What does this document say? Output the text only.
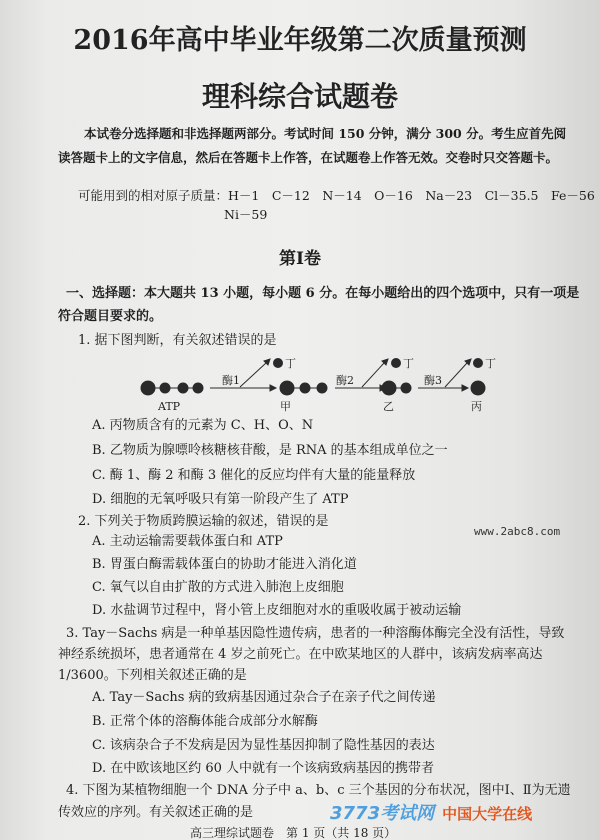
2016年高中毕业年级第二次质量预测
理科综合试题卷
本试卷分选择题和非选择题两部分。考试时间 150 分钟，满分 300 分。考生应首先阅
读答题卡上的文字信息，然后在答题卡上作答，在试题卷上作答无效。交卷时只交答题卡。
可能用到的相对原子质量：H－1　C－12　N－14　O－16　Na－23　Cl－35.5　Fe－56
Ni－59
第Ⅰ卷
一、选择题：本大题共 13 小题，每小题 6 分。在每小题给出的四个选项中，只有一项是
符合题目要求的。
1. 据下图判断，有关叙述错误的是
ATP	甲	乙	丙
丁	丁	丁
酶1	酶2	酶3
A. 丙物质含有的元素为 C、H、O、N
B. 乙物质为腺嘌呤核糖核苷酸，是 RNA 的基本组成单位之一
C. 酶 1、酶 2 和酶 3 催化的反应均伴有大量的能量释放
D. 细胞的无氧呼吸只有第一阶段产生了 ATP
2. 下列关于物质跨膜运输的叙述，错误的是
A. 主动运输需要载体蛋白和 ATP
B. 胃蛋白酶需载体蛋白的协助才能进入消化道
C. 氧气以自由扩散的方式进入肺泡上皮细胞
D. 水盐调节过程中，肾小管上皮细胞对水的重吸收属于被动运输
www.2abc8.com
3. Tay－Sachs 病是一种单基因隐性遗传病，患者的一种溶酶体酶完全没有活性，导致
神经系统损坏，患者通常在 4 岁之前死亡。在中欧某地区的人群中，该病发病率高达
1/3600。下列相关叙述正确的是
A. Tay－Sachs 病的致病基因通过杂合子在亲子代之间传递
B. 正常个体的溶酶体能合成部分水解酶
C. 该病杂合子不发病是因为显性基因抑制了隐性基因的表达
D. 在中欧该地区约 60 人中就有一个该病致病基因的携带者
4. 下图为某植物细胞一个 DNA 分子中 a、b、c 三个基因的分布状况，图中Ⅰ、Ⅱ为无遗
传效应的序列。有关叙述正确的是	3773考试网 中国大学在线
高三理综试题卷　第 1 页（共 18 页）
